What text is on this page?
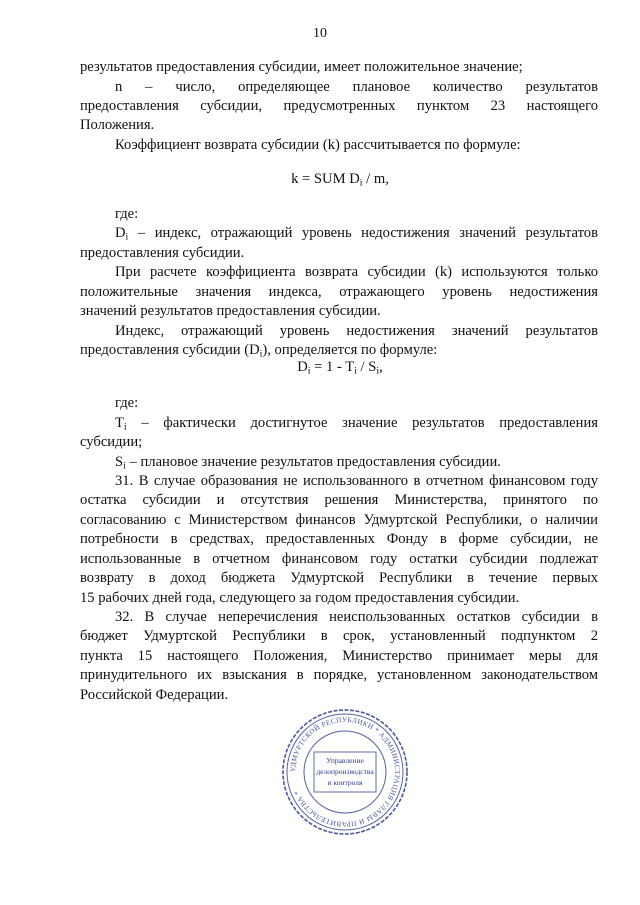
10
результатов предоставления субсидии, имеет положительное значение;
n – число, определяющее плановое количество результатов
предоставления субсидии, предусмотренных пунктом 23 настоящего
Положения.
Коэффициент возврата субсидии (k) рассчитывается по формуле:
k = SUM $D_i$ / m,
где:
$D_i$ – индекс, отражающий уровень недостижения значений результатов
предоставления субсидии.
При расчете коэффициента возврата субсидии (k) используются только
положительные значения индекса, отражающего уровень недостижения
значений результатов предоставления субсидии.
Индекс, отражающий уровень недостижения значений результатов
предоставления субсидии $(D_i)$, определяется по формуле:
$D_i = 1 - T_i / S_i$,
где:
$T_i$ – фактически достигнутое значение результатов предоставления
субсидии;
$S_i$ – плановое значение результатов предоставления субсидии.
31. В случае образования не использованного в отчетном финансовом году
остатка субсидии и отсутствия решения Министерства, принятого по
согласованию с Министерством финансов Удмуртской Республики, о наличии
потребности в средствах, предоставленных Фонду в форме субсидии, не
использованные в отчетном финансовом году остатки субсидии подлежат
возврату в доход бюджета Удмуртской Республики в течение первых
15 рабочих дней года, следующего за годом предоставления субсидии.
32. В случае неперечисления неиспользованных остатков субсидии в
бюджет Удмуртской Республики в срок, установленный подпунктом 2
пункта 15 настоящего Положения, Министерство принимает меры для
принудительного их взыскания в порядке, установленном законодательством
Российской Федерации.
УДМУРТСКОЙ РЕСПУБЛИКИ * АДМИНИСТРАЦИЯ ГЛАВЫ И ПРАВИТЕЛЬСТВА *
Управление
делопроизводства
и контроля
